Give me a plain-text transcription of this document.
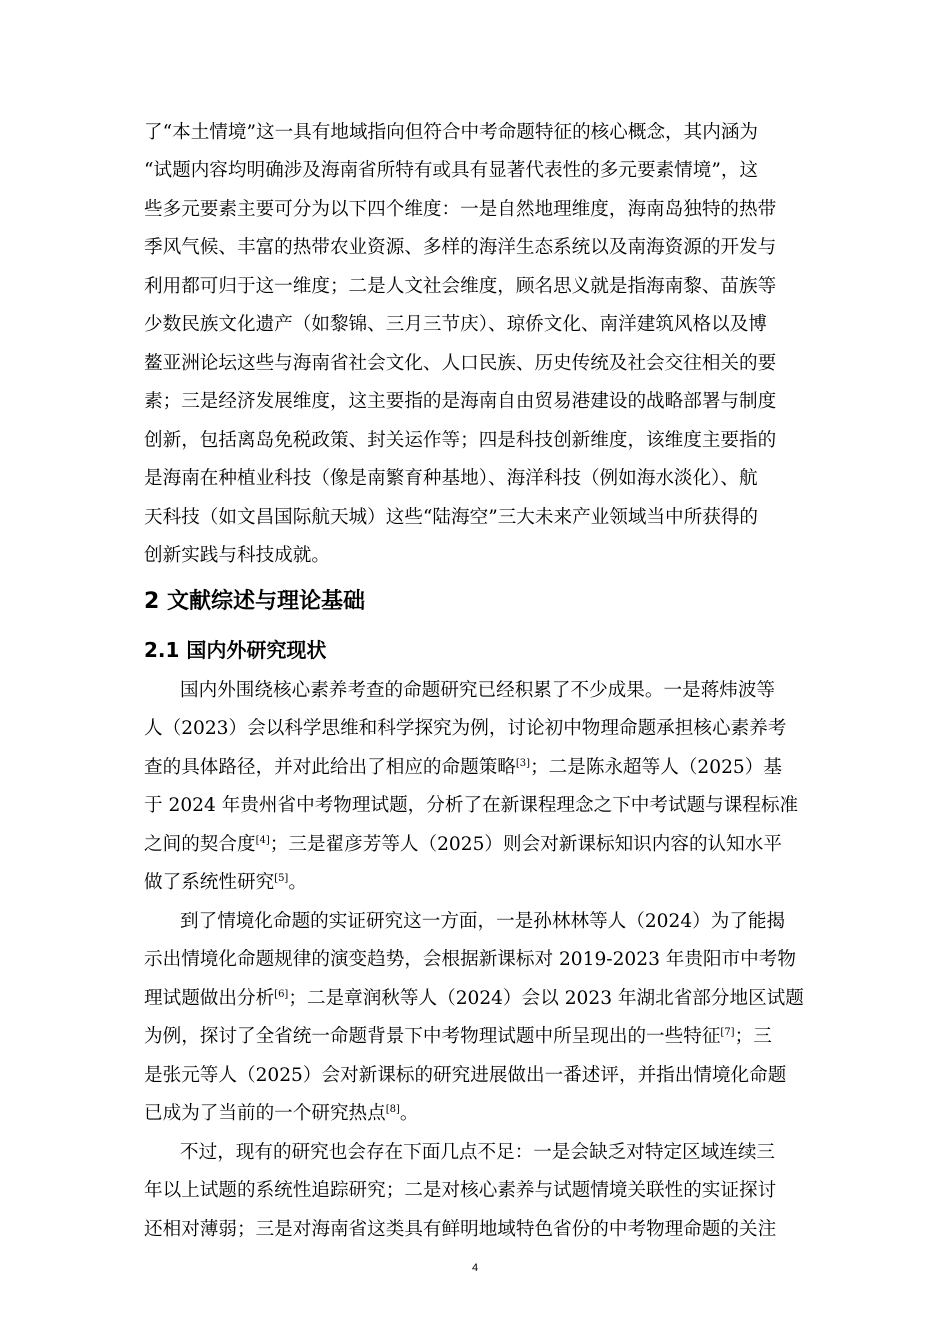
了“本土情境”这一具有地域指向但符合中考命题特征的核心概念，其内涵为
“试题内容均明确涉及海南省所特有或具有显著代表性的多元要素情境”，这
些多元要素主要可分为以下四个维度：一是自然地理维度，海南岛独特的热带
季风气候、丰富的热带农业资源、多样的海洋生态系统以及南海资源的开发与
利用都可归于这一维度；二是人文社会维度，顾名思义就是指海南黎、苗族等
少数民族文化遗产（如黎锦、三月三节庆）、琼侨文化、南洋建筑风格以及博
鳌亚洲论坛这些与海南省社会文化、人口民族、历史传统及社会交往相关的要
素；三是经济发展维度，这主要指的是海南自由贸易港建设的战略部署与制度
创新，包括离岛免税政策、封关运作等；四是科技创新维度，该维度主要指的
是海南在种植业科技（像是南繁育种基地）、海洋科技（例如海水淡化）、航
天科技（如文昌国际航天城）这些“陆海空”三大未来产业领域当中所获得的
创新实践与科技成就。
2 文献综述与理论基础
2.1 国内外研究现状
国内外围绕核心素养考查的命题研究已经积累了不少成果。一是蒋炜波等
人（2023）会以科学思维和科学探究为例，讨论初中物理命题承担核心素养考
查的具体路径，并对此给出了相应的命题策略[3]；二是陈永超等人（2025）基
于 2024 年贵州省中考物理试题，分析了在新课程理念之下中考试题与课程标准
之间的契合度[4]；三是翟彦芳等人（2025）则会对新课标知识内容的认知水平
做了系统性研究[5]。
到了情境化命题的实证研究这一方面，一是孙林林等人（2024）为了能揭
示出情境化命题规律的演变趋势，会根据新课标对 2019-2023 年贵阳市中考物
理试题做出分析[6]；二是章润秋等人（2024）会以 2023 年湖北省部分地区试题
为例，探讨了全省统一命题背景下中考物理试题中所呈现出的一些特征[7]；三
是张元等人（2025）会对新课标的研究进展做出一番述评，并指出情境化命题
已成为了当前的一个研究热点[8]。
不过，现有的研究也会存在下面几点不足：一是会缺乏对特定区域连续三
年以上试题的系统性追踪研究；二是对核心素养与试题情境关联性的实证探讨
还相对薄弱；三是对海南省这类具有鲜明地域特色省份的中考物理命题的关注
4
